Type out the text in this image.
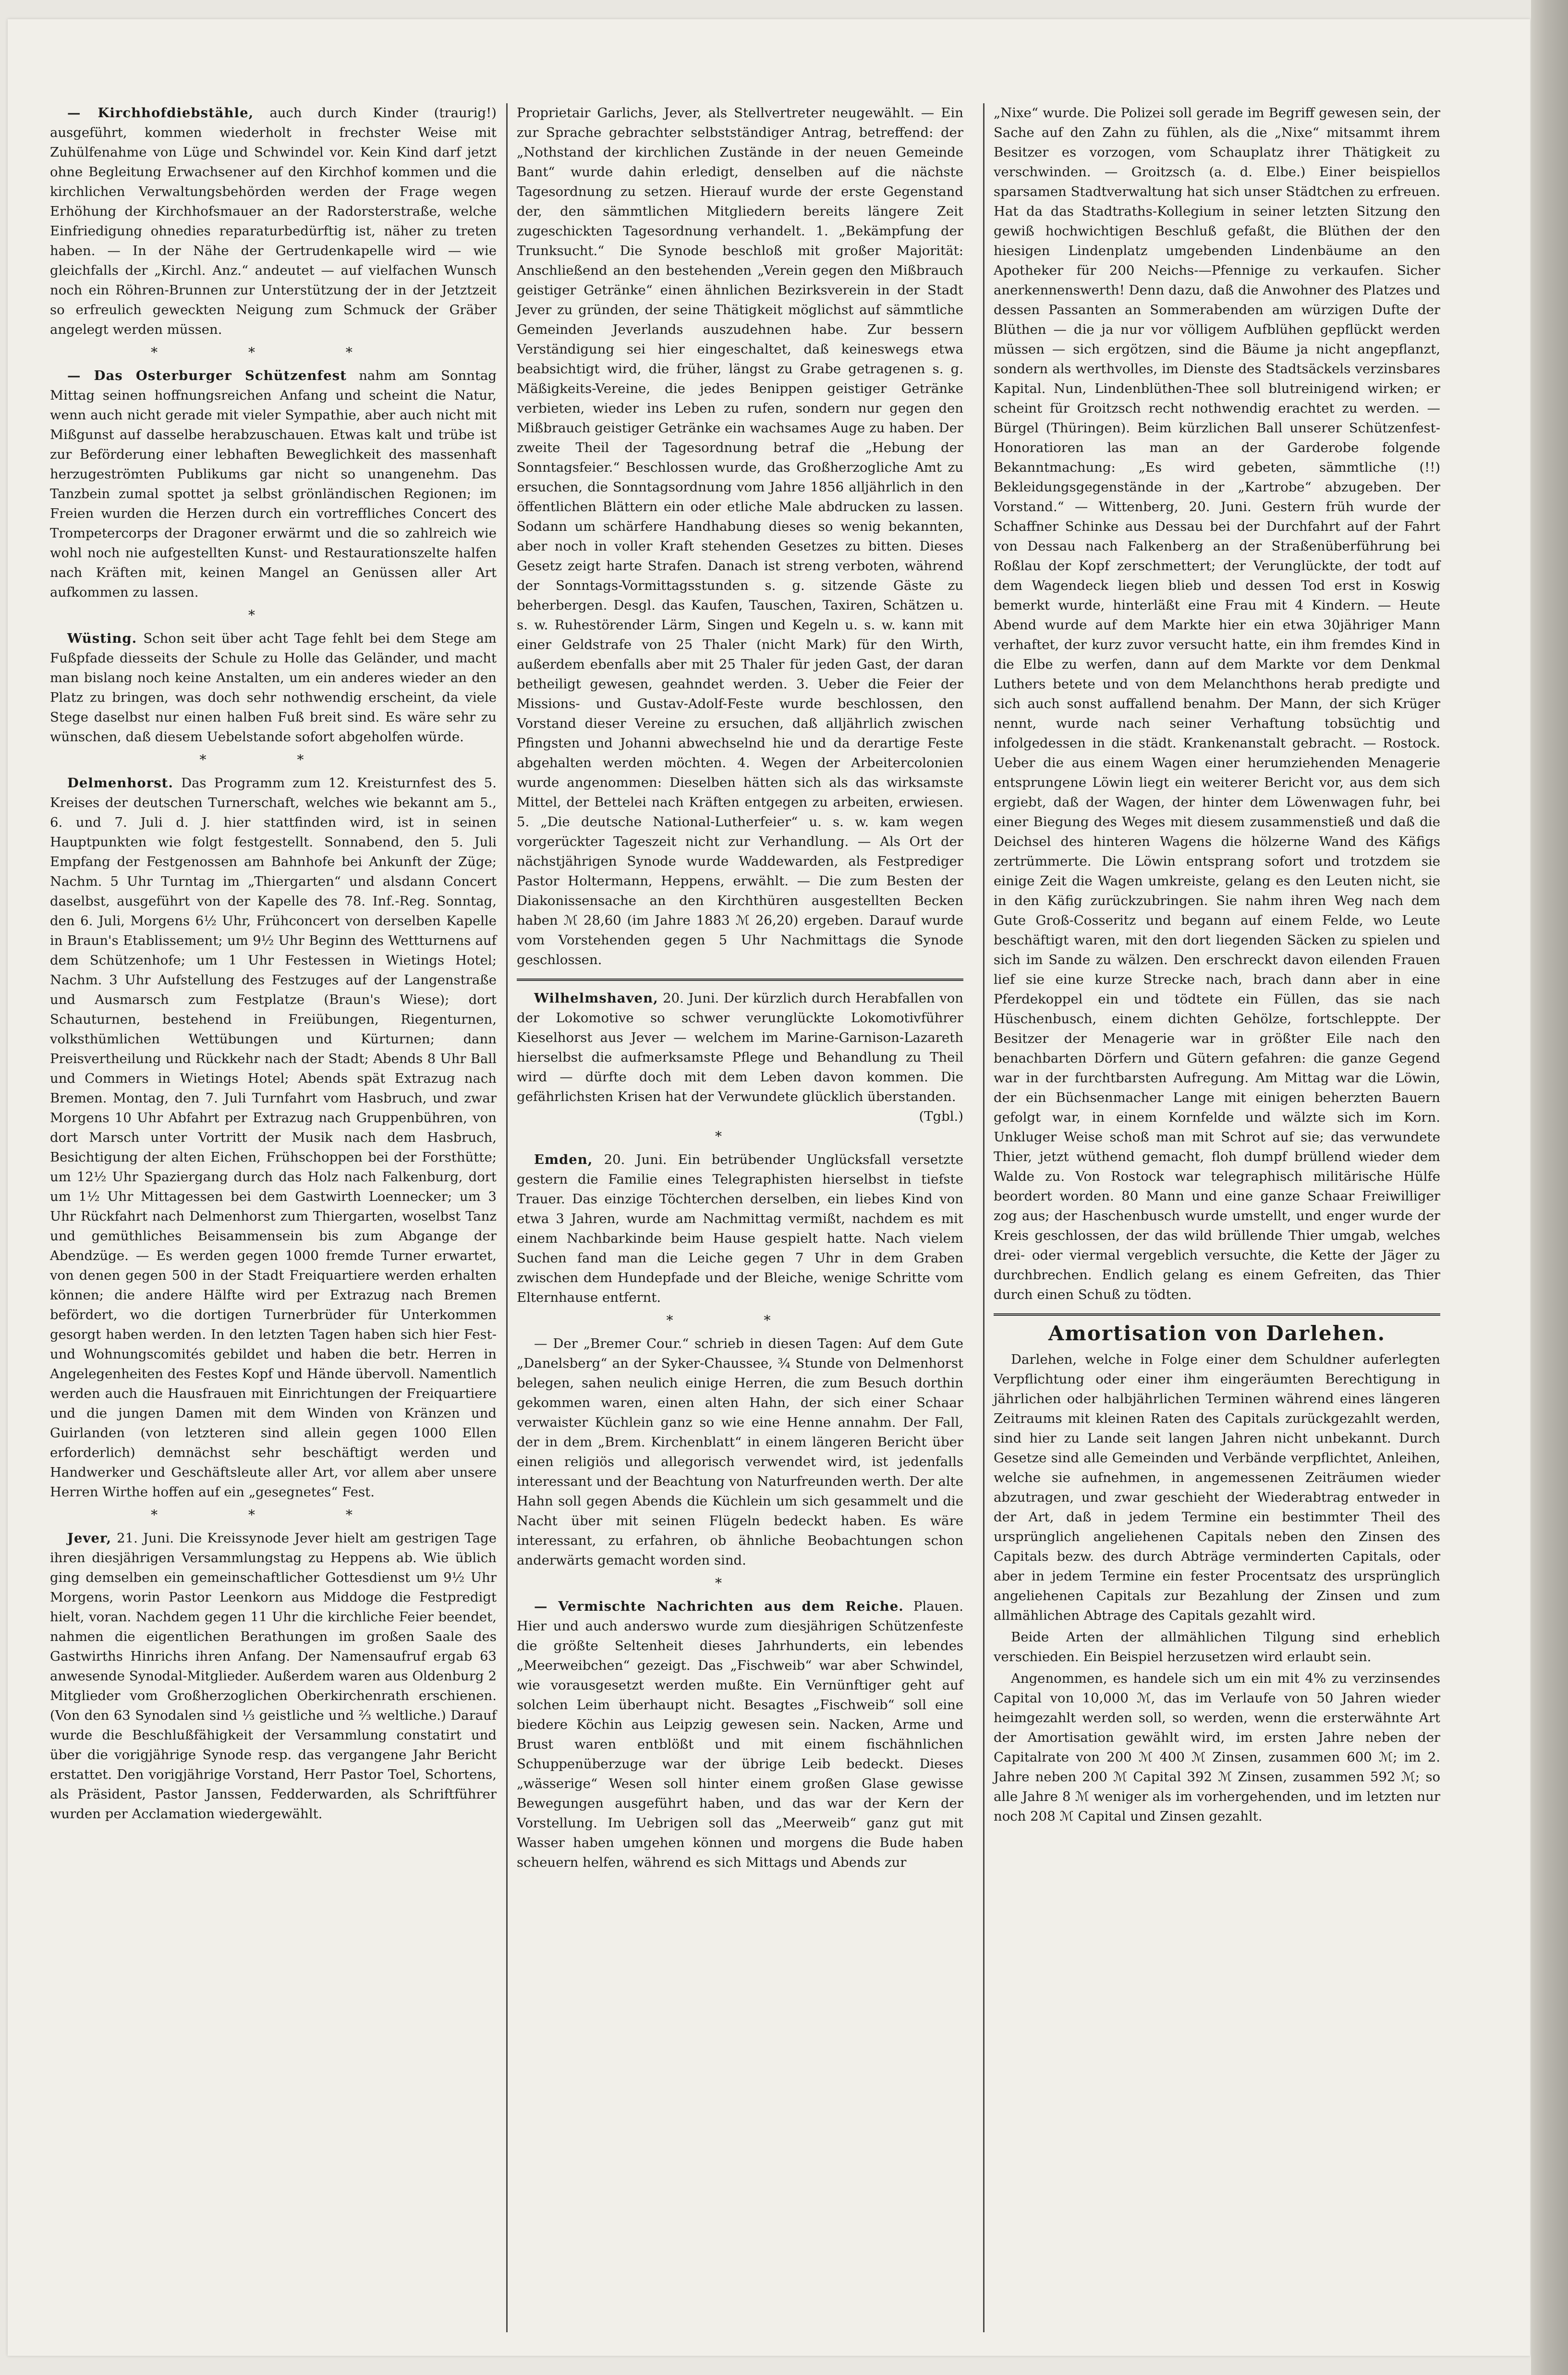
— Kirchhofdiebstähle, auch durch Kinder (traurig!) ausgeführt, kommen wiederholt in frechster Weise mit Zuhülfenahme von Lüge und Schwindel vor. Kein Kind darf jetzt ohne Begleitung Erwachsener auf den Kirchhof kommen und die kirchlichen Verwaltungsbehörden werden der Frage wegen Erhöhung der Kirchhofsmauer an der Radorsterstraße, welche Einfriedigung ohnedies reparaturbedürftig ist, näher zu treten haben. — In der Nähe der Gertrudenkapelle wird — wie gleichfalls der „Kirchl. Anz.“ andeutet — auf vielfachen Wunsch noch ein Röhren-Brunnen zur Unterstützung der in der Jetztzeit so erfreulich geweckten Neigung zum Schmuck der Gräber angelegt werden müssen.

* * *

— Das Osterburger Schützenfest nahm am Sonntag Mittag seinen hoffnungsreichen Anfang und scheint die Natur, wenn auch nicht gerade mit vieler Sympathie, aber auch nicht mit Mißgunst auf dasselbe herabzuschauen. Etwas kalt und trübe ist zur Beförderung einer lebhaften Beweglichkeit des massenhaft herzugeströmten Publikums gar nicht so unangenehm. Das Tanzbein zumal spottet ja selbst grönländischen Regionen; im Freien wurden die Herzen durch ein vortreffliches Concert des Trompetercorps der Dragoner erwärmt und die so zahlreich wie wohl noch nie aufgestellten Kunst- und Restaurationszelte halfen nach Kräften mit, keinen Mangel an Genüssen aller Art aufkommen zu lassen.

*

Wüsting. Schon seit über acht Tage fehlt bei dem Stege am Fußpfade diesseits der Schule zu Holle das Geländer, und macht man bislang noch keine Anstalten, um ein anderes wieder an den Platz zu bringen, was doch sehr nothwendig erscheint, da viele Stege daselbst nur einen halben Fuß breit sind. Es wäre sehr zu wünschen, daß diesem Uebelstande sofort abgeholfen würde.

* *

Delmenhorst. Das Programm zum 12. Kreisturnfest des 5. Kreises der deutschen Turnerschaft, welches wie bekannt am 5., 6. und 7. Juli d. J. hier stattfinden wird, ist in seinen Hauptpunkten wie folgt festgestellt. Sonnabend, den 5. Juli Empfang der Festgenossen am Bahnhofe bei Ankunft der Züge; Nachm. 5 Uhr Turntag im „Thiergarten“ und alsdann Concert daselbst, ausgeführt von der Kapelle des 78. Inf.-Reg. Sonntag, den 6. Juli, Morgens 6½ Uhr, Frühconcert von derselben Kapelle in Braun's Etablissement; um 9½ Uhr Beginn des Wettturnens auf dem Schützenhofe; um 1 Uhr Festessen in Wietings Hotel; Nachm. 3 Uhr Aufstellung des Festzuges auf der Langenstraße und Ausmarsch zum Festplatze (Braun's Wiese); dort Schauturnen, bestehend in Freiübungen, Riegenturnen, volksthümlichen Wettübungen und Kürturnen; dann Preisvertheilung und Rückkehr nach der Stadt; Abends 8 Uhr Ball und Commers in Wietings Hotel; Abends spät Extrazug nach Bremen. Montag, den 7. Juli Turnfahrt vom Hasbruch, und zwar Morgens 10 Uhr Abfahrt per Extrazug nach Gruppenbühren, von dort Marsch unter Vortritt der Musik nach dem Hasbruch, Besichtigung der alten Eichen, Frühschoppen bei der Forsthütte; um 12½ Uhr Spaziergang durch das Holz nach Falkenburg, dort um 1½ Uhr Mittagessen bei dem Gastwirth Loennecker; um 3 Uhr Rückfahrt nach Delmenhorst zum Thiergarten, woselbst Tanz und gemüthliches Beisammensein bis zum Abgange der Abendzüge. — Es werden gegen 1000 fremde Turner erwartet, von denen gegen 500 in der Stadt Freiquartiere werden erhalten können; die andere Hälfte wird per Extrazug nach Bremen befördert, wo die dortigen Turnerbrüder für Unterkommen gesorgt haben werden. In den letzten Tagen haben sich hier Fest- und Wohnungscomités gebildet und haben die betr. Herren in Angelegenheiten des Festes Kopf und Hände übervoll. Namentlich werden auch die Hausfrauen mit Einrichtungen der Freiquartiere und die jungen Damen mit dem Winden von Kränzen und Guirlanden (von letzteren sind allein gegen 1000 Ellen erforderlich) demnächst sehr beschäftigt werden und Handwerker und Geschäftsleute aller Art, vor allem aber unsere Herren Wirthe hoffen auf ein „gesegnetes“ Fest.

* * *

Jever, 21. Juni. Die Kreissynode Jever hielt am gestrigen Tage ihren diesjährigen Versammlungstag zu Heppens ab. Wie üblich ging demselben ein gemeinschaftlicher Gottesdienst um 9½ Uhr Morgens, worin Pastor Leenkorn aus Middoge die Festpredigt hielt, voran. Nachdem gegen 11 Uhr die kirchliche Feier beendet, nahmen die eigentlichen Berathungen im großen Saale des Gastwirths Hinrichs ihren Anfang. Der Namensaufruf ergab 63 anwesende Synodal-Mitglieder. Außerdem waren aus Oldenburg 2 Mitglieder vom Großherzoglichen Oberkirchenrath erschienen. (Von den 63 Synodalen sind ⅓ geistliche und ⅔ weltliche.) Darauf wurde die Beschlußfähigkeit der Versammlung constatirt und über die vorigjährige Synode resp. das vergangene Jahr Bericht erstattet. Den vorigjährige Vorstand, Herr Pastor Toel, Schortens, als Präsident, Pastor Janssen, Fedderwarden, als Schriftführer wurden per Acclamation wiedergewählt.

Proprietair Garlichs, Jever, als Stellvertreter neugewählt. — Ein zur Sprache gebrachter selbstständiger Antrag, betreffend: der „Nothstand der kirchlichen Zustände in der neuen Gemeinde Bant“ wurde dahin erledigt, denselben auf die nächste Tagesordnung zu setzen. Hierauf wurde der erste Gegenstand der, den sämmtlichen Mitgliedern bereits längere Zeit zugeschickten Tagesordnung verhandelt. 1. „Bekämpfung der Trunksucht.“ Die Synode beschloß mit großer Majorität: Anschließend an den bestehenden „Verein gegen den Mißbrauch geistiger Getränke“ einen ähnlichen Bezirksverein in der Stadt Jever zu gründen, der seine Thätigkeit möglichst auf sämmtliche Gemeinden Jeverlands auszudehnen habe. Zur bessern Verständigung sei hier eingeschaltet, daß keineswegs etwa beabsichtigt wird, die früher, längst zu Grabe getragenen s. g. Mäßigkeits-Vereine, die jedes Benippen geistiger Getränke verbieten, wieder ins Leben zu rufen, sondern nur gegen den Mißbrauch geistiger Getränke ein wachsames Auge zu haben. Der zweite Theil der Tagesordnung betraf die „Hebung der Sonntagsfeier.“ Beschlossen wurde, das Großherzogliche Amt zu ersuchen, die Sonntagsordnung vom Jahre 1856 alljährlich in den öffentlichen Blättern ein oder etliche Male abdrucken zu lassen. Sodann um schärfere Handhabung dieses so wenig bekannten, aber noch in voller Kraft stehenden Gesetzes zu bitten. Dieses Gesetz zeigt harte Strafen. Danach ist streng verboten, während der Sonntags-Vormittagsstunden s. g. sitzende Gäste zu beherbergen. Desgl. das Kaufen, Tauschen, Taxiren, Schätzen u. s. w. Ruhestörender Lärm, Singen und Kegeln u. s. w. kann mit einer Geldstrafe von 25 Thaler (nicht Mark) für den Wirth, außerdem ebenfalls aber mit 25 Thaler für jeden Gast, der daran betheiligt gewesen, geahndet werden. 3. Ueber die Feier der Missions- und Gustav-Adolf-Feste wurde beschlossen, den Vorstand dieser Vereine zu ersuchen, daß alljährlich zwischen Pfingsten und Johanni abwechselnd hie und da derartige Feste abgehalten werden möchten. 4. Wegen der Arbeitercolonien wurde angenommen: Dieselben hätten sich als das wirksamste Mittel, der Bettelei nach Kräften entgegen zu arbeiten, erwiesen. 5. „Die deutsche National-Lutherfeier“ u. s. w. kam wegen vorgerückter Tageszeit nicht zur Verhandlung. — Als Ort der nächstjährigen Synode wurde Waddewarden, als Festprediger Pastor Holtermann, Heppens, erwählt. — Die zum Besten der Diakonissensache an den Kirchthüren ausgestellten Becken haben ℳ 28,60 (im Jahre 1883 ℳ 26,20) ergeben. Darauf wurde vom Vorstehenden gegen 5 Uhr Nachmittags die Synode geschlossen.

Wilhelmshaven, 20. Juni. Der kürzlich durch Herabfallen von der Lokomotive so schwer verunglückte Lokomotivführer Kieselhorst aus Jever — welchem im Marine-Garnison-Lazareth hierselbst die aufmerksamste Pflege und Behandlung zu Theil wird — dürfte doch mit dem Leben davon kommen. Die gefährlichsten Krisen hat der Verwundete glücklich überstanden.
(Tgbl.)

*

Emden, 20. Juni. Ein betrübender Unglücksfall versetzte gestern die Familie eines Telegraphisten hierselbst in tiefste Trauer. Das einzige Töchterchen derselben, ein liebes Kind von etwa 3 Jahren, wurde am Nachmittag vermißt, nachdem es mit einem Nachbarkinde beim Hause gespielt hatte. Nach vielem Suchen fand man die Leiche gegen 7 Uhr in dem Graben zwischen dem Hundepfade und der Bleiche, wenige Schritte vom Elternhause entfernt.

* *

— Der „Bremer Cour.“ schrieb in diesen Tagen: Auf dem Gute „Danelsberg“ an der Syker-Chaussee, ¾ Stunde von Delmenhorst belegen, sahen neulich einige Herren, die zum Besuch dorthin gekommen waren, einen alten Hahn, der sich einer Schaar verwaister Küchlein ganz so wie eine Henne annahm. Der Fall, der in dem „Brem. Kirchenblatt“ in einem längeren Bericht über einen religiös und allegorisch verwendet wird, ist jedenfalls interessant und der Beachtung von Naturfreunden werth. Der alte Hahn soll gegen Abends die Küchlein um sich gesammelt und die Nacht über mit seinen Flügeln bedeckt haben. Es wäre interessant, zu erfahren, ob ähnliche Beobachtungen schon anderwärts gemacht worden sind.

*

— Vermischte Nachrichten aus dem Reiche. Plauen. Hier und auch anderswo wurde zum diesjährigen Schützenfeste die größte Seltenheit dieses Jahrhunderts, ein lebendes „Meerweibchen“ gezeigt. Das „Fischweib“ war aber Schwindel, wie vorausgesetzt werden mußte. Ein Vernünftiger geht auf solchen Leim überhaupt nicht. Besagtes „Fischweib“ soll eine biedere Köchin aus Leipzig gewesen sein. Nacken, Arme und Brust waren entblößt und mit einem fischähnlichen Schuppenüberzuge war der übrige Leib bedeckt. Dieses „wässerige“ Wesen soll hinter einem großen Glase gewisse Bewegungen ausgeführt haben, und das war der Kern der Vorstellung. Im Uebrigen soll das „Meerweib“ ganz gut mit Wasser haben umgehen können und morgens die Bude haben scheuern helfen, während es sich Mittags und Abends zur

„Nixe“ wurde. Die Polizei soll gerade im Begriff gewesen sein, der Sache auf den Zahn zu fühlen, als die „Nixe“ mitsammt ihrem Besitzer es vorzogen, vom Schauplatz ihrer Thätigkeit zu verschwinden. — Groitzsch (a. d. Elbe.) Einer beispiellos sparsamen Stadtverwaltung hat sich unser Städtchen zu erfreuen. Hat da das Stadtraths-Kollegium in seiner letzten Sitzung den gewiß hochwichtigen Beschluß gefaßt, die Blüthen der den hiesigen Lindenplatz umgebenden Lindenbäume an den Apotheker für 200 Neichs-—Pfennige zu verkaufen. Sicher anerkennenswerth! Denn dazu, daß die Anwohner des Platzes und dessen Passanten an Sommerabenden am würzigen Dufte der Blüthen — die ja nur vor völligem Aufblühen gepflückt werden müssen — sich ergötzen, sind die Bäume ja nicht angepflanzt, sondern als werthvolles, im Dienste des Stadtsäckels verzinsbares Kapital. Nun, Lindenblüthen-Thee soll blutreinigend wirken; er scheint für Groitzsch recht nothwendig erachtet zu werden. — Bürgel (Thüringen). Beim kürzlichen Ball unserer Schützenfest-Honoratioren las man an der Garderobe folgende Bekanntmachung: „Es wird gebeten, sämmtliche (!!) Bekleidungsgegenstände in der „Kartrobe“ abzugeben. Der Vorstand.“ — Wittenberg, 20. Juni. Gestern früh wurde der Schaffner Schinke aus Dessau bei der Durchfahrt auf der Fahrt von Dessau nach Falkenberg an der Straßenüberführung bei Roßlau der Kopf zerschmettert; der Verunglückte, der todt auf dem Wagendeck liegen blieb und dessen Tod erst in Koswig bemerkt wurde, hinterläßt eine Frau mit 4 Kindern. — Heute Abend wurde auf dem Markte hier ein etwa 30jähriger Mann verhaftet, der kurz zuvor versucht hatte, ein ihm fremdes Kind in die Elbe zu werfen, dann auf dem Markte vor dem Denkmal Luthers betete und von dem Melanchthons herab predigte und sich auch sonst auffallend benahm. Der Mann, der sich Krüger nennt, wurde nach seiner Verhaftung tobsüchtig und infolgedessen in die städt. Krankenanstalt gebracht. — Rostock. Ueber die aus einem Wagen einer herumziehenden Menagerie entsprungene Löwin liegt ein weiterer Bericht vor, aus dem sich ergiebt, daß der Wagen, der hinter dem Löwenwagen fuhr, bei einer Biegung des Weges mit diesem zusammenstieß und daß die Deichsel des hinteren Wagens die hölzerne Wand des Käfigs zertrümmerte. Die Löwin entsprang sofort und trotzdem sie einige Zeit die Wagen umkreiste, gelang es den Leuten nicht, sie in den Käfig zurückzubringen. Sie nahm ihren Weg nach dem Gute Groß-Cosseritz und begann auf einem Felde, wo Leute beschäftigt waren, mit den dort liegenden Säcken zu spielen und sich im Sande zu wälzen. Den erschreckt davon eilenden Frauen lief sie eine kurze Strecke nach, brach dann aber in eine Pferdekoppel ein und tödtete ein Füllen, das sie nach Hüschenbusch, einem dichten Gehölze, fortschleppte. Der Besitzer der Menagerie war in größter Eile nach den benachbarten Dörfern und Gütern gefahren: die ganze Gegend war in der furchtbarsten Aufregung. Am Mittag war die Löwin, der ein Büchsenmacher Lange mit einigen beherzten Bauern gefolgt war, in einem Kornfelde und wälzte sich im Korn. Unkluger Weise schoß man mit Schrot auf sie; das verwundete Thier, jetzt wüthend gemacht, floh dumpf brüllend wieder dem Walde zu. Von Rostock war telegraphisch militärische Hülfe beordert worden. 80 Mann und eine ganze Schaar Freiwilliger zog aus; der Haschenbusch wurde umstellt, und enger wurde der Kreis geschlossen, der das wild brüllende Thier umgab, welches drei- oder viermal vergeblich versuchte, die Kette der Jäger zu durchbrechen. Endlich gelang es einem Gefreiten, das Thier durch einen Schuß zu tödten.

Amortisation von Darlehen.

Darlehen, welche in Folge einer dem Schuldner auferlegten Verpflichtung oder einer ihm eingeräumten Berechtigung in jährlichen oder halbjährlichen Terminen während eines längeren Zeitraums mit kleinen Raten des Capitals zurückgezahlt werden, sind hier zu Lande seit langen Jahren nicht unbekannt. Durch Gesetze sind alle Gemeinden und Verbände verpflichtet, Anleihen, welche sie aufnehmen, in angemessenen Zeiträumen wieder abzutragen, und zwar geschieht der Wiederabtrag entweder in der Art, daß in jedem Termine ein bestimmter Theil des ursprünglich angeliehenen Capitals neben den Zinsen des Capitals bezw. des durch Abträge verminderten Capitals, oder aber in jedem Termine ein fester Procentsatz des ursprünglich angeliehenen Capitals zur Bezahlung der Zinsen und zum allmählichen Abtrage des Capitals gezahlt wird.

Beide Arten der allmählichen Tilgung sind erheblich verschieden. Ein Beispiel herzusetzen wird erlaubt sein.

Angenommen, es handele sich um ein mit 4% zu verzinsendes Capital von 10,000 ℳ, das im Verlaufe von 50 Jahren wieder heimgezahlt werden soll, so werden, wenn die ersterwähnte Art der Amortisation gewählt wird, im ersten Jahre neben der Capitalrate von 200 ℳ 400 ℳ Zinsen, zusammen 600 ℳ; im 2. Jahre neben 200 ℳ Capital 392 ℳ Zinsen, zusammen 592 ℳ; so alle Jahre 8 ℳ weniger als im vorhergehenden, und im letzten nur noch 208 ℳ Capital und Zinsen gezahlt.
